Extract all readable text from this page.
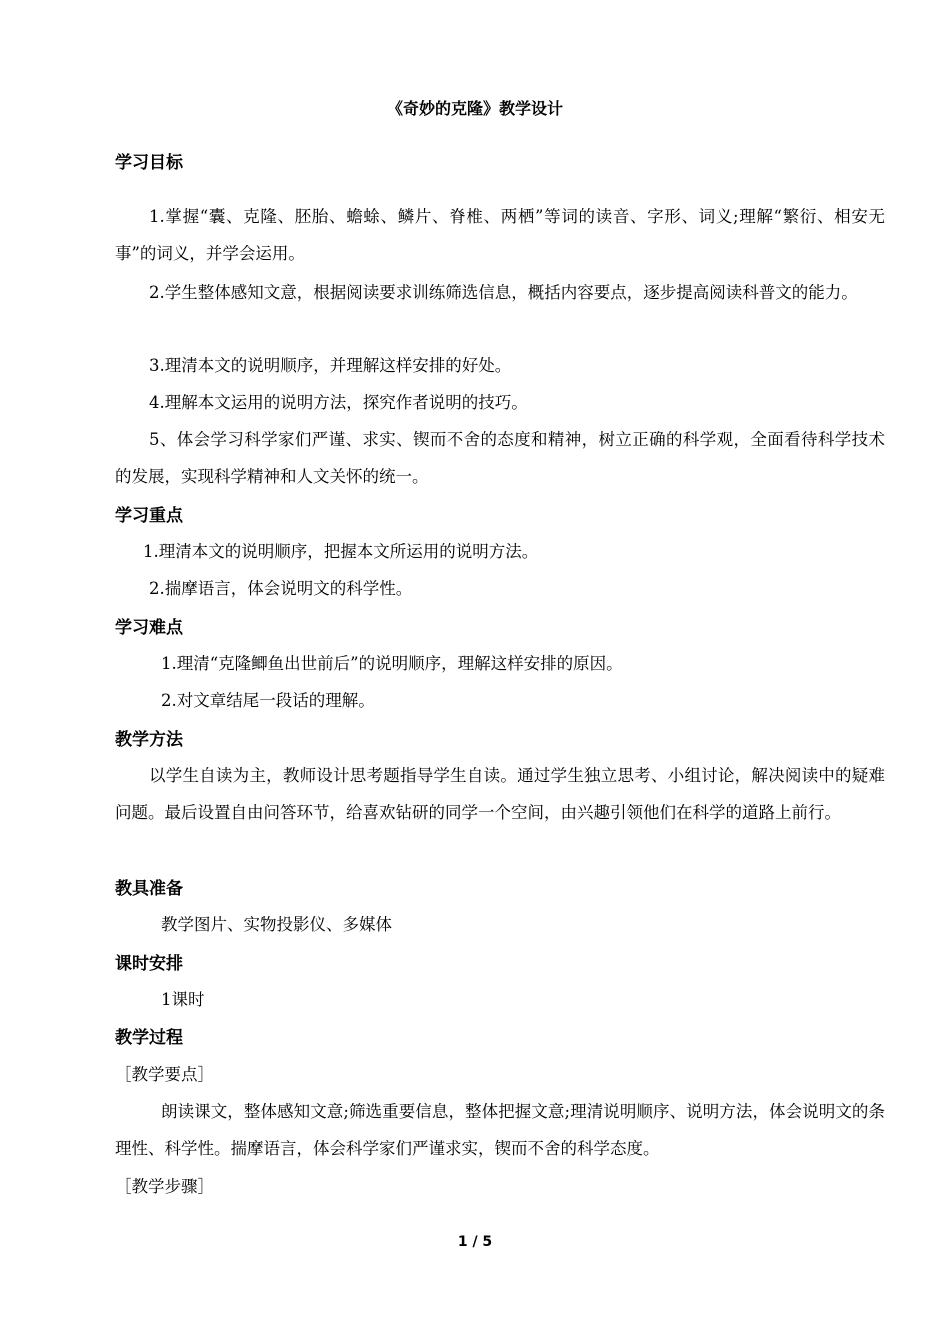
《奇妙的克隆》教学设计
学习目标

1.掌握“囊、克隆、胚胎、蟾蜍、鳞片、脊椎、两栖”等词的读音、字形、词义;理解“繁衍、相安无事”的词义，并学会运用。

2.学生整体感知文意，根据阅读要求训练筛选信息，概括内容要点，逐步提高阅读科普文的能力。

3.理清本文的说明顺序，并理解这样安排的好处。

4.理解本文运用的说明方法，探究作者说明的技巧。

5、体会学习科学家们严谨、求实、锲而不舍的态度和精神，树立正确的科学观，全面看待科学技术的发展，实现科学精神和人文关怀的统一。

学习重点

1.理清本文的说明顺序，把握本文所运用的说明方法。

2.揣摩语言，体会说明文的科学性。

学习难点

1.理清“克隆鲫鱼出世前后”的说明顺序，理解这样安排的原因。

2.对文章结尾一段话的理解。

教学方法

以学生自读为主，教师设计思考题指导学生自读。通过学生独立思考、小组讨论，解决阅读中的疑难问题。最后设置自由问答环节，给喜欢钻研的同学一个空间，由兴趣引领他们在科学的道路上前行。

教具准备

教学图片、实物投影仪、多媒体

课时安排

1课时

教学过程

［教学要点］

朗读课文，整体感知文意;筛选重要信息，整体把握文意;理清说明顺序、说明方法，体会说明文的条理性、科学性。揣摩语言，体会科学家们严谨求实，锲而不舍的科学态度。

［教学步骤］

1 / 5
